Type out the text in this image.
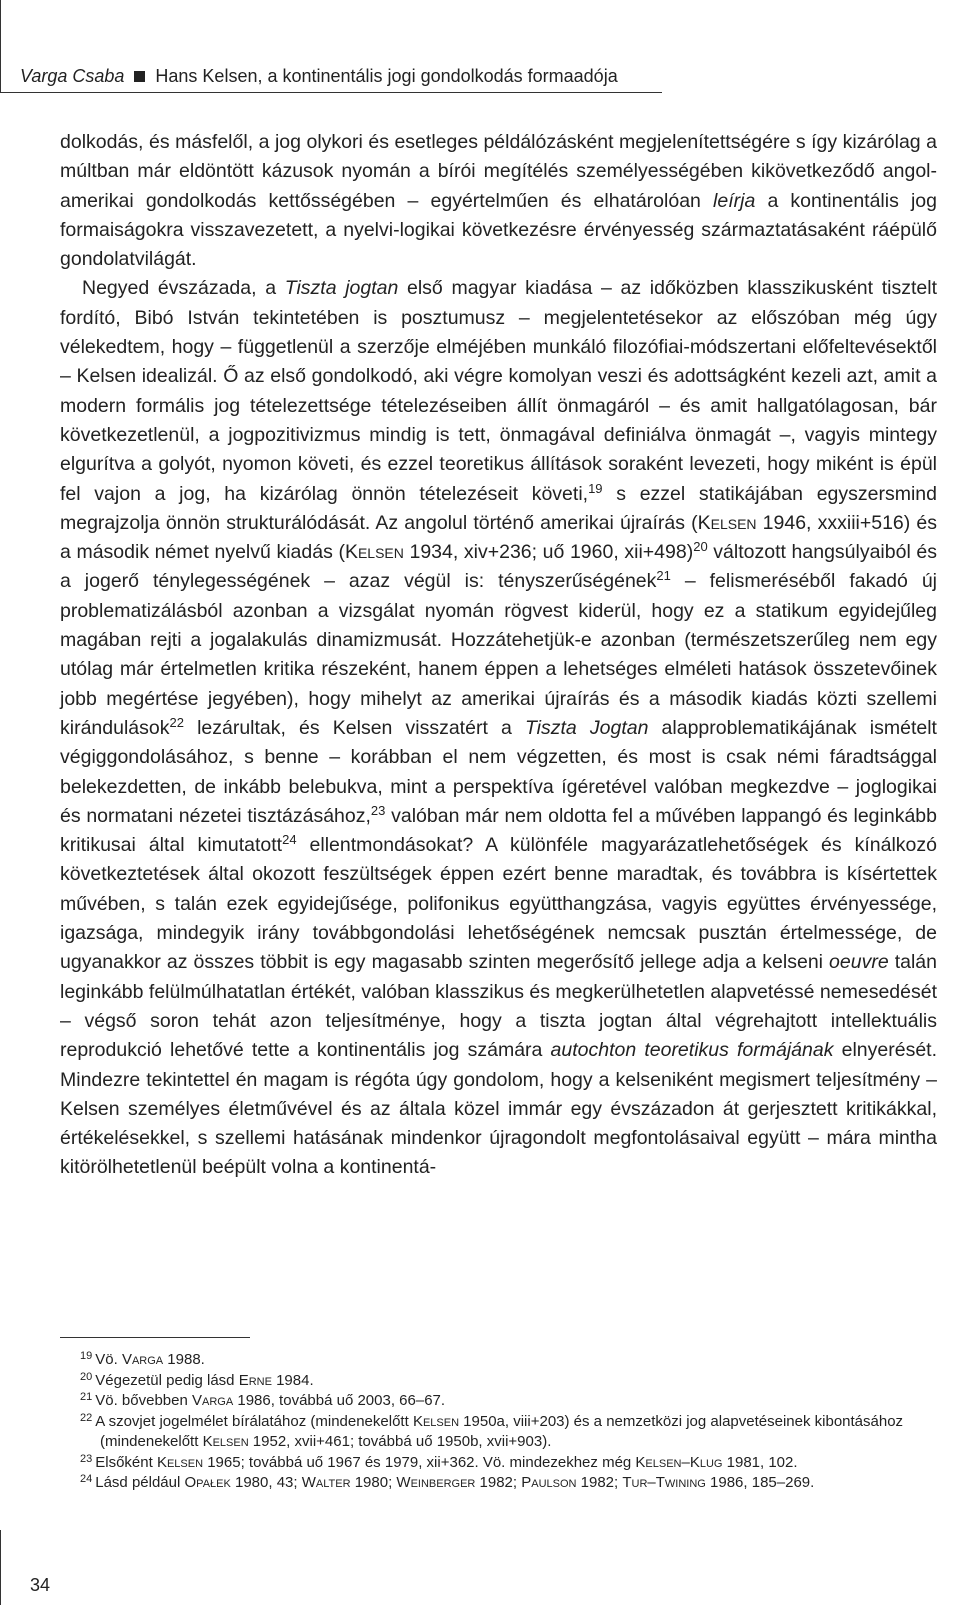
Varga Csaba Hans Kelsen, a kontinentális jogi gondolkodás formaadója

dolkodás, és másfelől, a jog olykori és esetleges példálózásként megjelenítettségére s így kizárólag a múltban már eldöntött kázusok nyomán a bírói megítélés személyességében kikövetkeződő angol-amerikai gondolkodás kettősségében – egyértelműen és elhatárolóan leírja a kontinentális jog formaiságokra visszavezetett, a nyelvi-logikai következésre érvényesség származtatásaként ráépülő gondolatvilágát.

Negyed évszázada, a Tiszta jogtan első magyar kiadása – az időközben klasszikusként tisztelt fordító, Bibó István tekintetében is posztumusz – megjelentetésekor az előszóban még úgy vélekedtem, hogy – függetlenül a szerzője elméjében munkáló filozófiai-módszertani előfeltevésektől – Kelsen idealizál. Ő az első gondolkodó, aki végre komolyan veszi és adottságként kezeli azt, amit a modern formális jog tételezettsége tételezéseiben állít önmagáról – és amit hallgatólagosan, bár következetlenül, a jogpozitivizmus mindig is tett, önmagával definiálva önmagát –, vagyis mintegy elgurítva a golyót, nyomon követi, és ezzel teoretikus állítások soraként levezeti, hogy miként is épül fel vajon a jog, ha kizárólag önnön tételezéseit követi,$^{19}$ s ezzel statikájában egyszersmind megrajzolja önnön strukturálódását. Az angolul történő amerikai újraírás (Kelsen 1946, xxxiii+516) és a második német nyelvű kiadás (Kelsen 1934, xiv+236; uő 1960, xii+498)$^{20}$ változott hangsúlyaiból és a jogerő ténylegességének – azaz végül is: tényszerűségének$^{21}$ – felismeréséből fakadó új problematizálásból azonban a vizsgálat nyomán rögvest kiderül, hogy ez a statikum egyidejűleg magában rejti a jogalakulás dinamizmusát. Hozzátehetjük-e azonban (természetszerűleg nem egy utólag már értelmetlen kritika részeként, hanem éppen a lehetséges elméleti hatások összetevőinek jobb megértése jegyében), hogy mihelyt az amerikai újraírás és a második kiadás közti szellemi kirándulások$^{22}$ lezárultak, és Kelsen visszatért a Tiszta Jogtan alapproblematikájának ismételt végiggondolásához, s benne – korábban el nem végzetten, és most is csak némi fáradtsággal belekezdetten, de inkább belebukva, mint a perspektíva ígéretével valóban megkezdve – joglogikai és normatani nézetei tisztázásához,$^{23}$ valóban már nem oldotta fel a művében lappangó és leginkább kritikusai által kimutatott$^{24}$ ellentmondásokat? A különféle magyarázatlehetőségek és kínálkozó következtetések által okozott feszültségek éppen ezért benne maradtak, és továbbra is kísértettek művében, s talán ezek egyidejűsége, polifonikus együtthangzása, vagyis együttes érvényessége, igazsága, mindegyik irány továbbgondolási lehetőségének nemcsak pusztán értelmessége, de ugyanakkor az összes többit is egy magasabb szinten megerősítő jellege adja a kelseni oeuvre talán leginkább felülmúlhatatlan értékét, valóban klasszikus és megkerülhetetlen alapvetéssé nemesedését – végső soron tehát azon teljesítménye, hogy a tiszta jogtan által végrehajtott intellektuális reprodukció lehetővé tette a kontinentális jog számára autochton teoretikus formájának elnyerését. Mindezre tekintettel én magam is régóta úgy gondolom, hogy a kelseniként megismert teljesítmény – Kelsen személyes életművével és az általa közel immár egy évszázadon át gerjesztett kritikákkal, értékelésekkel, s szellemi hatásának mindenkor újragondolt megfontolásaival együtt – mára mintha kitörölhetetlenül beépült volna a kontinentá-

$^{19}$ Vö. Varga 1988.

$^{20}$ Végezetül pedig lásd Erne 1984.

$^{21}$ Vö. bővebben Varga 1986, továbbá uő 2003, 66–67.

$^{22}$ A szovjet jogelmélet bírálatához (mindenekelőtt Kelsen 1950a, viii+203) és a nemzetközi jog alapvetéseinek kibontásához (mindenekelőtt Kelsen 1952, xvii+461; továbbá uő 1950b, xvii+903).

$^{23}$ Elsőként Kelsen 1965; továbbá uő 1967 és 1979, xii+362. Vö. mindezekhez még Kelsen–Klug 1981, 102.

$^{24}$ Lásd például Opałek 1980, 43; Walter 1980; Weinberger 1982; Paulson 1982; Tur–Twining 1986, 185–269.

34
